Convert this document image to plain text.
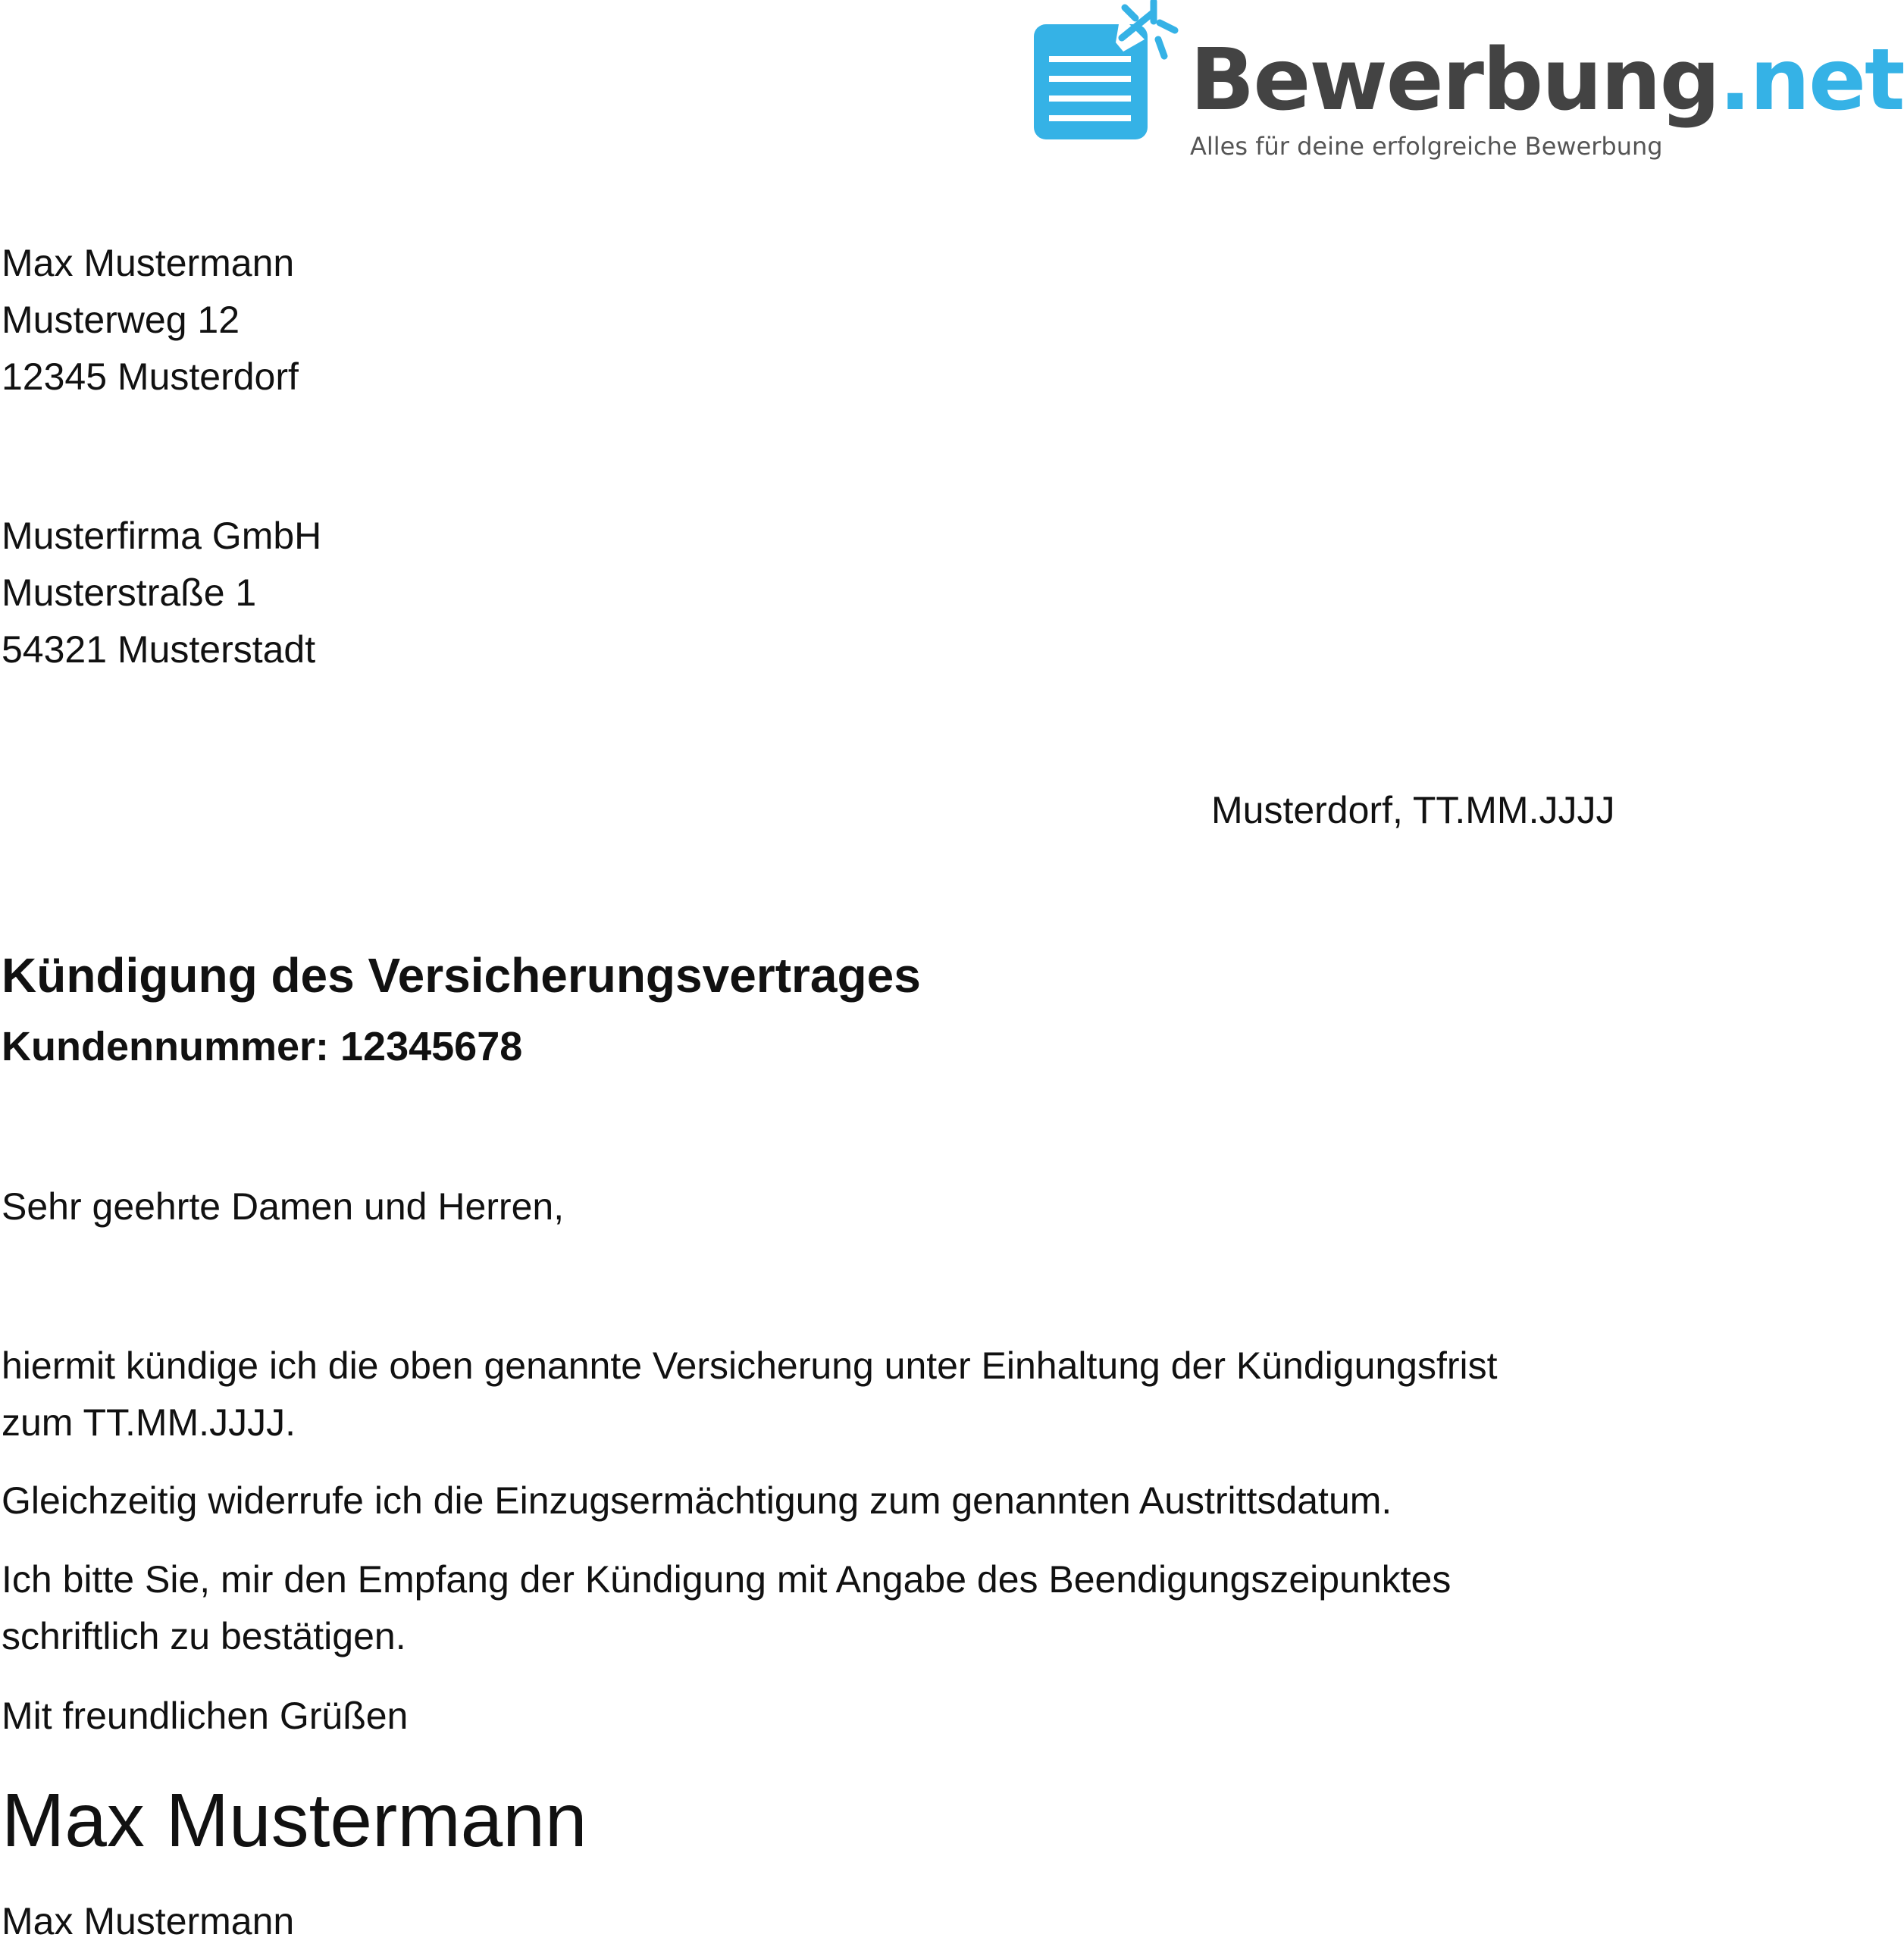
Bewerbung.net
Alles für deine erfolgreiche Bewerbung
Max Mustermann
Musterweg 12
12345 Musterdorf
Musterfirma GmbH
Musterstraße 1
54321 Musterstadt
Musterdorf, TT.MM.JJJJ
Kündigung des Versicherungsvertrages
Kundennummer: 12345678
Sehr geehrte Damen und Herren,
hiermit kündige ich die oben genannte Versicherung unter Einhaltung der Kündigungsfrist
zum TT.MM.JJJJ.
Gleichzeitig widerrufe ich die Einzugsermächtigung zum genannten Austrittsdatum.
Ich bitte Sie, mir den Empfang der Kündigung mit Angabe des Beendigungszeipunktes
schriftlich zu bestätigen.
Mit freundlichen Grüßen
Max Mustermann
Max Mustermann
